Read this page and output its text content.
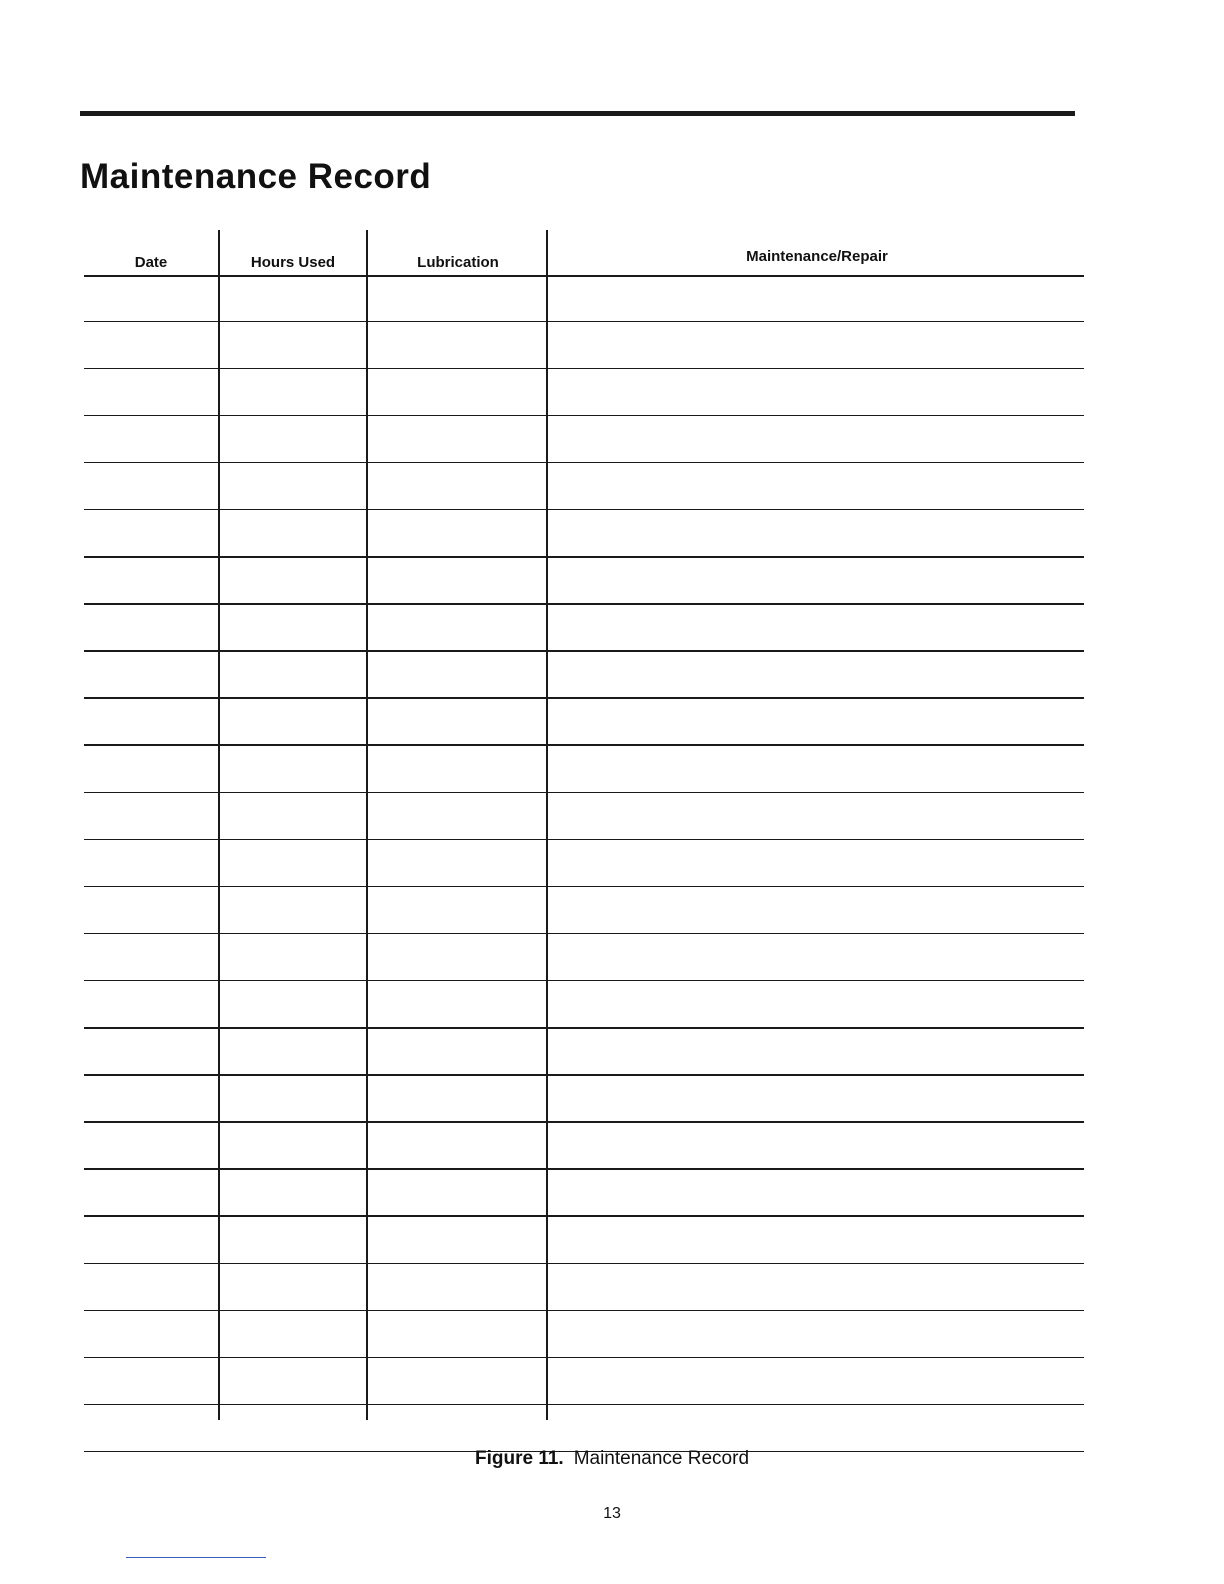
Maintenance Record
Date	Hours Used	Lubrication	Maintenance/Repair
Figure 11. Maintenance Record
13
